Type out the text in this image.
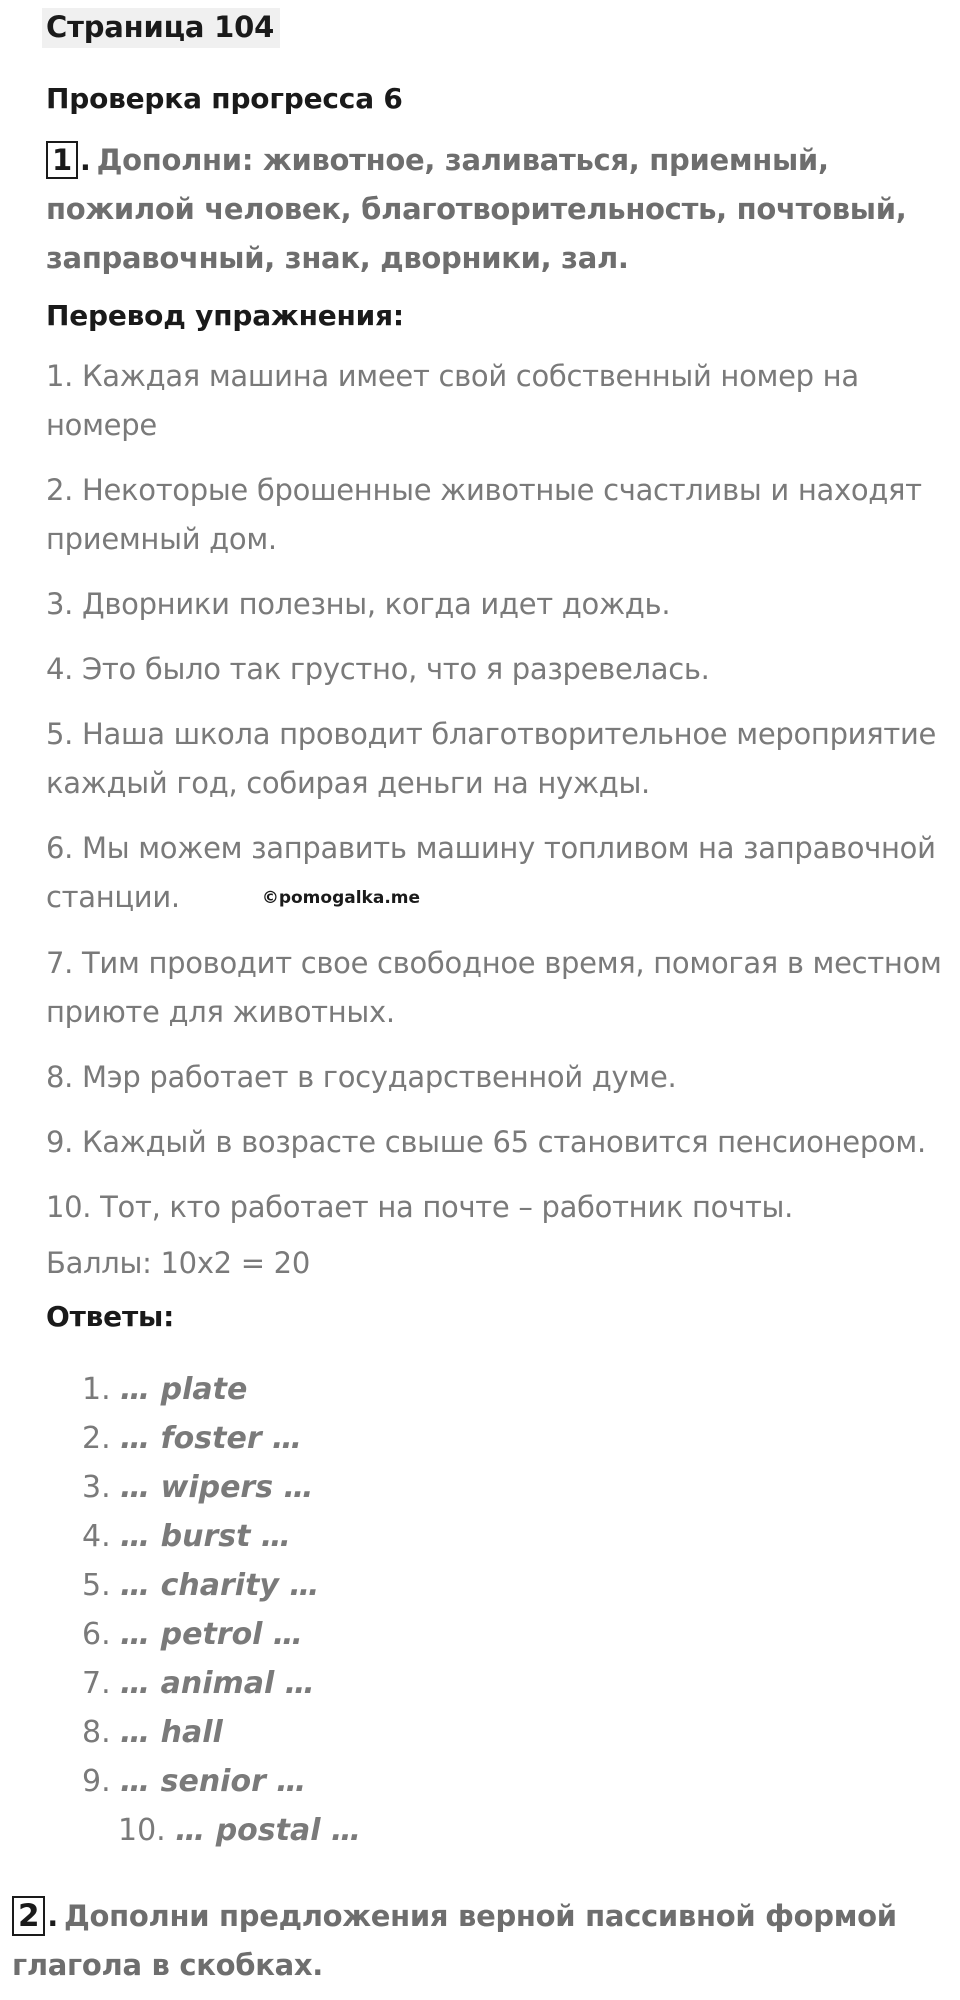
Страница 104
Проверка прогресса 6
1 . Дополни: животное, заливаться, приемный, пожилой человек, благотворительность, почтовый, заправочный, знак, дворники, зал.
Перевод упражнения:
1. Каждая машина имеет свой собственный номер на номере
2. Некоторые брошенные животные счастливы и находят приемный дом.
3. Дворники полезны, когда идет дождь.
4. Это было так грустно, что я разревелась.
5. Наша школа проводит благотворительное мероприятие каждый год, собирая деньги на нужды.
6. Мы можем заправить машину топливом на заправочной станции.	©pomogalka.me
7. Тим проводит свое свободное время, помогая в местном приюте для животных.
8. Мэр работает в государственной думе.
9. Каждый в возрасте свыше 65 становится пенсионером.
10. Тот, кто работает на почте – работник почты.
Баллы: 10х2 = 20
Ответы:
1. … plate
2. … foster …
3. … wipers …
4. … burst …
5. … charity …
6. … petrol …
7. … animal …
8. … hall
9. … senior …
10. … postal …
2 . Дополни предложения верной пассивной формой глагола в скобках.
